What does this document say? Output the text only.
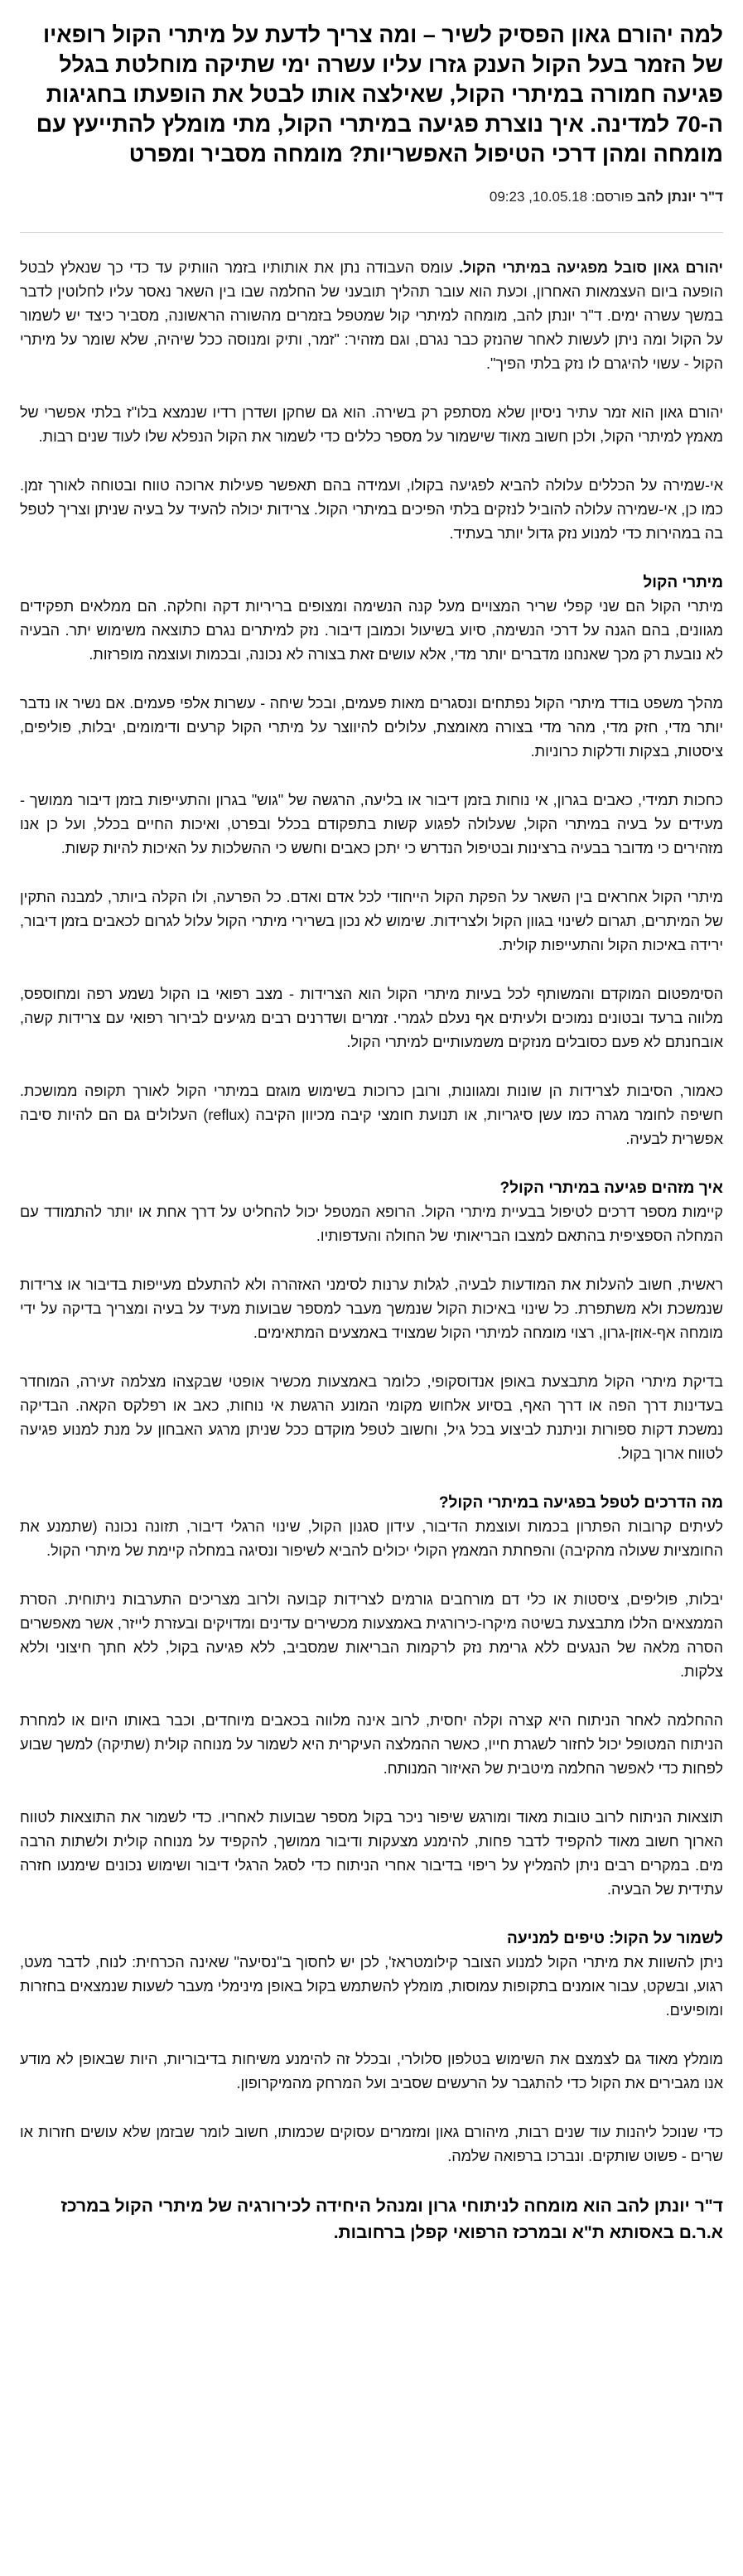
למה יהורם גאון הפסיק לשיר – ומה צריך לדעת על מיתרי הקול רופאיו של הזמר בעל הקול הענק גזרו עליו עשרה ימי שתיקה מוחלטת בגלל פגיעה חמורה במיתרי הקול, שאילצה אותו לבטל את הופעתו בחגיגות ה-70 למדינה. איך נוצרת פגיעה במיתרי הקול, מתי מומלץ להתייעץ עם מומחה ומהן דרכי הטיפול האפשריות? מומחה מסביר ומפרט
ד"ר יונתן להב פורסם: 10.05.18, 09:23

יהורם גאון סובל מפגיעה במיתרי הקול. עומס העבודה נתן את אותותיו בזמר הוותיק עד כדי כך שנאלץ לבטל הופעה ביום העצמאות האחרון, וכעת הוא עובר תהליך תובעני של החלמה שבו בין השאר נאסר עליו לחלוטין לדבר במשך עשרה ימים. ד"ר יונתן להב, מומחה למיתרי קול שמטפל בזמרים מהשורה הראשונה, מסביר כיצד יש לשמור על הקול ומה ניתן לעשות לאחר שהנזק כבר נגרם, וגם מזהיר: "זמר, ותיק ומנוסה ככל שיהיה, שלא שומר על מיתרי הקול - עשוי להיגרם לו נזק בלתי הפיך".

יהורם גאון הוא זמר עתיר ניסיון שלא מסתפק רק בשירה. הוא גם שחקן ושדרן רדיו שנמצא בלו"ז בלתי אפשרי של מאמץ למיתרי הקול, ולכן חשוב מאוד שישמור על מספר כללים כדי לשמור את הקול הנפלא שלו לעוד שנים רבות.

אי-שמירה על הכללים עלולה להביא לפגיעה בקולו, ועמידה בהם תאפשר פעילות ארוכה טווח ובטוחה לאורך זמן. כמו כן, אי-שמירה עלולה להוביל לנזקים בלתי הפיכים במיתרי הקול. צרידות יכולה להעיד על בעיה שניתן וצריך לטפל בה במהירות כדי למנוע נזק גדול יותר בעתיד.

מיתרי הקול

מיתרי הקול הם שני קפלי שריר המצויים מעל קנה הנשימה ומצופים בריריות דקה וחלקה. הם ממלאים תפקידים מגוונים, בהם הגנה על דרכי הנשימה, סיוע בשיעול וכמובן דיבור. נזק למיתרים נגרם כתוצאה משימוש יתר. הבעיה לא נובעת רק מכך שאנחנו מדברים יותר מדי, אלא עושים זאת בצורה לא נכונה, ובכמות ועוצמה מופרזות.

מהלך משפט בודד מיתרי הקול נפתחים ונסגרים מאות פעמים, ובכל שיחה - עשרות אלפי פעמים. אם נשיר או נדבר יותר מדי, חזק מדי, מהר מדי בצורה מאומצת, עלולים להיווצר על מיתרי הקול קרעים ודימומים, יבלות, פוליפים, ציסטות, בצקות ודלקות כרוניות.

כחכות תמידי, כאבים בגרון, אי נוחות בזמן דיבור או בליעה, הרגשה של "גוש" בגרון והתעייפות בזמן דיבור ממושך - מעידים על בעיה במיתרי הקול, שעלולה לפגוע קשות בתפקודם בכלל ובפרט, ואיכות החיים בכלל, ועל כן אנו מזהירים כי מדובר בבעיה ברצינות ובטיפול הנדרש כי יתכן כאבים וחשש כי ההשלכות על האיכות להיות קשות.

מיתרי הקול אחראים בין השאר על הפקת הקול הייחודי לכל אדם ואדם. כל הפרעה, ולו הקלה ביותר, למבנה התקין של המיתרים, תגרום לשינוי בגוון הקול ולצרידות. שימוש לא נכון בשרירי מיתרי הקול עלול לגרום לכאבים בזמן דיבור, ירידה באיכות הקול והתעייפות קולית.

הסימפטום המוקדם והמשותף לכל בעיות מיתרי הקול הוא הצרידות - מצב רפואי בו הקול נשמע רפה ומחוספס, מלווה ברעד ובטונים נמוכים ולעיתים אף נעלם לגמרי. זמרים ושדרנים רבים מגיעים לבירור רפואי עם צרידות קשה, אובחנתם לא פעם כסובלים מנזקים משמעותיים למיתרי הקול.

כאמור, הסיבות לצרידות הן שונות ומגוונות, ורובן כרוכות בשימוש מוגזם במיתרי הקול לאורך תקופה ממושכת. חשיפה לחומר מגרה כמו עשן סיגריות, או תנועת חומצי קיבה מכיוון הקיבה (reflux) העלולים גם הם להיות סיבה אפשרית לבעיה.

איך מזהים פגיעה במיתרי הקול?

קיימות מספר דרכים לטיפול בבעיית מיתרי הקול. הרופא המטפל יכול להחליט על דרך אחת או יותר להתמודד עם המחלה הספציפית בהתאם למצבו הבריאותי של החולה והעדפותיו.

ראשית, חשוב להעלות את המודעות לבעיה, לגלות ערנות לסימני האזהרה ולא להתעלם מעייפות בדיבור או צרידות שנמשכת ולא משתפרת. כל שינוי באיכות הקול שנמשך מעבר למספר שבועות מעיד על בעיה ומצריך בדיקה על ידי מומחה אף-אוזן-גרון, רצוי מומחה למיתרי הקול שמצויד באמצעים המתאימים.

בדיקת מיתרי הקול מתבצעת באופן אנדוסקופי, כלומר באמצעות מכשיר אופטי שבקצהו מצלמה זעירה, המוחדר בעדינות דרך הפה או דרך האף, בסיוע אלחוש מקומי המונע הרגשת אי נוחות, כאב או רפלקס הקאה. הבדיקה נמשכת דקות ספורות וניתנת לביצוע בכל גיל, וחשוב לטפל מוקדם ככל שניתן מרגע האבחון על מנת למנוע פגיעה לטווח ארוך בקול.

מה הדרכים לטפל בפגיעה במיתרי הקול?

לעיתים קרובות הפתרון בכמות ועוצמת הדיבור, עידון סגנון הקול, שינוי הרגלי דיבור, תזונה נכונה (שתמנע את החומציות שעולה מהקיבה) והפחתת המאמץ הקולי יכולים להביא לשיפור ונסיגה במחלה קיימת של מיתרי הקול.

יבלות, פוליפים, ציסטות או כלי דם מורחבים גורמים לצרידות קבועה ולרוב מצריכים התערבות ניתוחית. הסרת הממצאים הללו מתבצעת בשיטה מיקרו-כירורגית באמצעות מכשירים עדינים ומדויקים ובעזרת לייזר, אשר מאפשרים הסרה מלאה של הנגעים ללא גרימת נזק לרקמות הבריאות שמסביב, ללא פגיעה בקול, ללא חתך חיצוני וללא צלקות.

ההחלמה לאחר הניתוח היא קצרה וקלה יחסית, לרוב אינה מלווה בכאבים מיוחדים, וכבר באותו היום או למחרת הניתוח המטופל יכול לחזור לשגרת חייו, כאשר ההמלצה העיקרית היא לשמור על מנוחה קולית (שתיקה) למשך שבוע לפחות כדי לאפשר החלמה מיטבית של האיזור המנותח.

תוצאות הניתוח לרוב טובות מאוד ומורגש שיפור ניכר בקול מספר שבועות לאחריו. כדי לשמור את התוצאות לטווח הארוך חשוב מאוד להקפיד לדבר פחות, להימנע מצעקות ודיבור ממושך, להקפיד על מנוחה קולית ולשתות הרבה מים. במקרים רבים ניתן להמליץ על ריפוי בדיבור אחרי הניתוח כדי לסגל הרגלי דיבור ושימוש נכונים שימנעו חזרה עתידית של הבעיה.

לשמור על הקול: טיפים למניעה

ניתן להשוות את מיתרי הקול למנוע הצובר קילומטראז', לכן יש לחסוך ב"נסיעה" שאינה הכרחית: לנוח, לדבר מעט, רגוע, ובשקט, עבור אומנים בתקופות עמוסות, מומלץ להשתמש בקול באופן מינימלי מעבר לשעות שנמצאים בחזרות ומופיעים.

מומלץ מאוד גם לצמצם את השימוש בטלפון סלולרי, ובכלל זה להימנע משיחות בדיבוריות, היות שבאופן לא מודע אנו מגבירים את הקול כדי להתגבר על הרעשים שסביב ועל המרחק מהמיקרופון.

כדי שנוכל ליהנות עוד שנים רבות, מיהורם גאון ומזמרים עסוקים שכמותו, חשוב לומר שבזמן שלא עושים חזרות או שרים - פשוט שותקים. ונברכו ברפואה שלמה.

ד"ר יונתן להב הוא מומחה לניתוחי גרון ומנהל היחידה לכירורגיה של מיתרי הקול במרכז א.ר.ם באסותא ת"א ובמרכז הרפואי קפלן ברחובות.
